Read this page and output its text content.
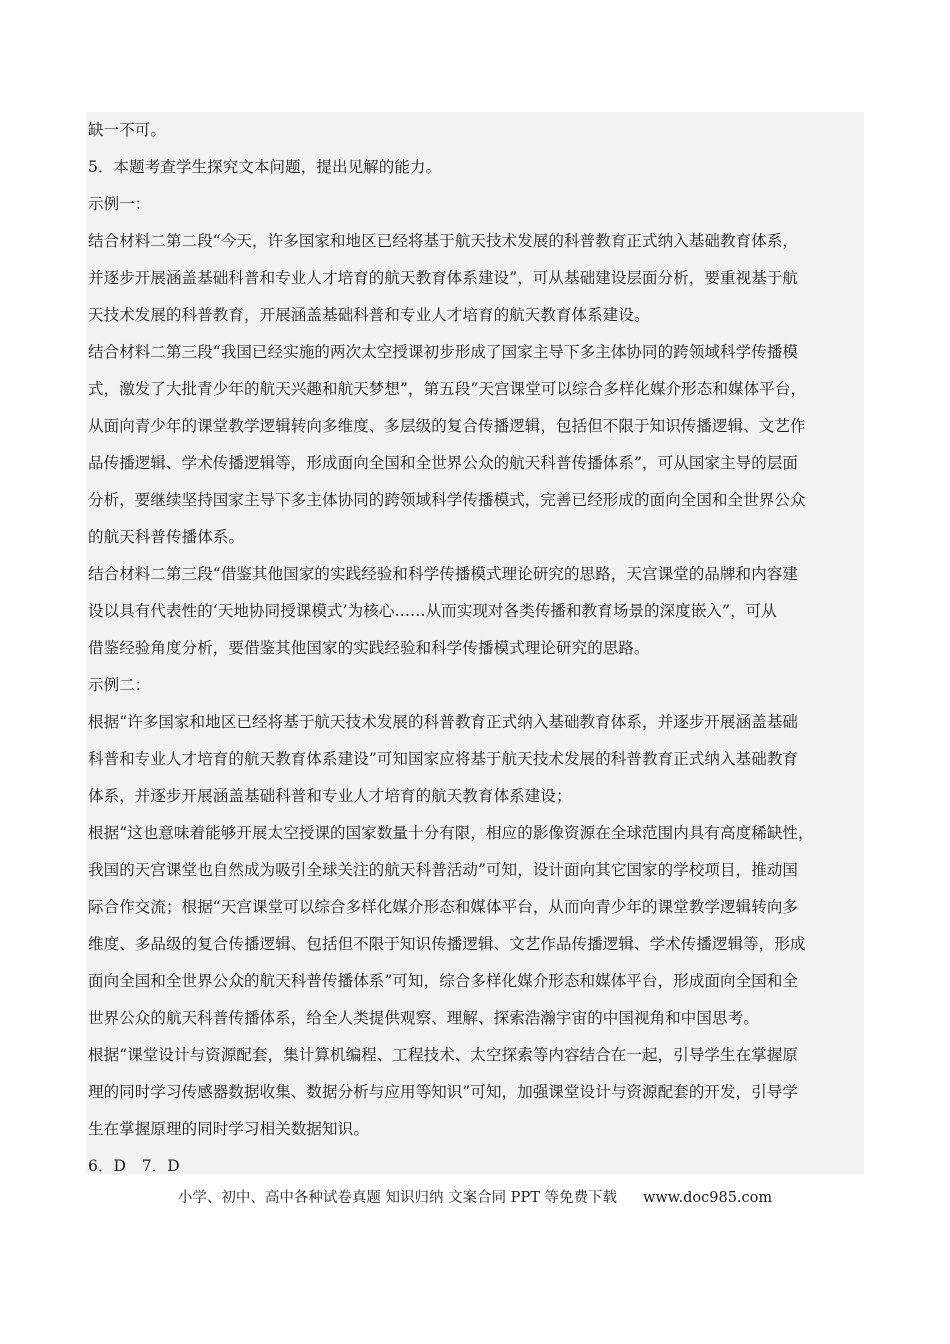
缺一不可。
5．本题考查学生探究文本问题，提出见解的能力。
示例一：
结合材料二第二段“今天，许多国家和地区已经将基于航天技术发展的科普教育正式纳入基础教育体系，
并逐步开展涵盖基础科普和专业人才培育的航天教育体系建设”，可从基础建设层面分析，要重视基于航
天技术发展的科普教育，开展涵盖基础科普和专业人才培育的航天教育体系建设。
结合材料二第三段“我国已经实施的两次太空授课初步形成了国家主导下多主体协同的跨领域科学传播模
式，激发了大批青少年的航天兴趣和航天梦想”，第五段“天宫课堂可以综合多样化媒介形态和媒体平台，
从面向青少年的课堂教学逻辑转向多维度、多层级的复合传播逻辑，包括但不限于知识传播逻辑、文艺作
品传播逻辑、学术传播逻辑等，形成面向全国和全世界公众的航天科普传播体系”，可从国家主导的层面
分析，要继续坚持国家主导下多主体协同的跨领域科学传播模式，完善已经形成的面向全国和全世界公众
的航天科普传播体系。
结合材料二第三段“借鉴其他国家的实践经验和科学传播模式理论研究的思路，天宫课堂的品牌和内容建
设以具有代表性的‘天地协同授课模式’为核心……从而实现对各类传播和教育场景的深度嵌入”，可从
借鉴经验角度分析，要借鉴其他国家的实践经验和科学传播模式理论研究的思路。
示例二：
根据“许多国家和地区已经将基于航天技术发展的科普教育正式纳入基础教育体系，并逐步开展涵盖基础
科普和专业人才培育的航天教育体系建设”可知国家应将基于航天技术发展的科普教育正式纳入基础教育
体系，并逐步开展涵盖基础科普和专业人才培育的航天教育体系建设；
根据“这也意味着能够开展太空授课的国家数量十分有限，相应的影像资源在全球范围内具有高度稀缺性，
我国的天宫课堂也自然成为吸引全球关注的航天科普活动”可知，设计面向其它国家的学校项目，推动国
际合作交流；根据“天宫课堂可以综合多样化媒介形态和媒体平台，从而向青少年的课堂教学逻辑转向多
维度、多品级的复合传播逻辑、包括但不限于知识传播逻辑、文艺作品传播逻辑、学术传播逻辑等，形成
面向全国和全世界公众的航天科普传播体系”可知，综合多样化媒介形态和媒体平台，形成面向全国和全
世界公众的航天科普传播体系，给全人类提供观察、理解、探索浩瀚宇宙的中国视角和中国思考。
根据“课堂设计与资源配套，集计算机编程、工程技术、太空探索等内容结合在一起，引导学生在掌握原
理的同时学习传感器数据收集、数据分析与应用等知识”可知，加强课堂设计与资源配套的开发，引导学
生在掌握原理的同时学习相关数据知识。
6．D　7．D
小学、初中、高中各种试卷真题 知识归纳 文案合同 PPT 等免费下载 www.doc985.com
